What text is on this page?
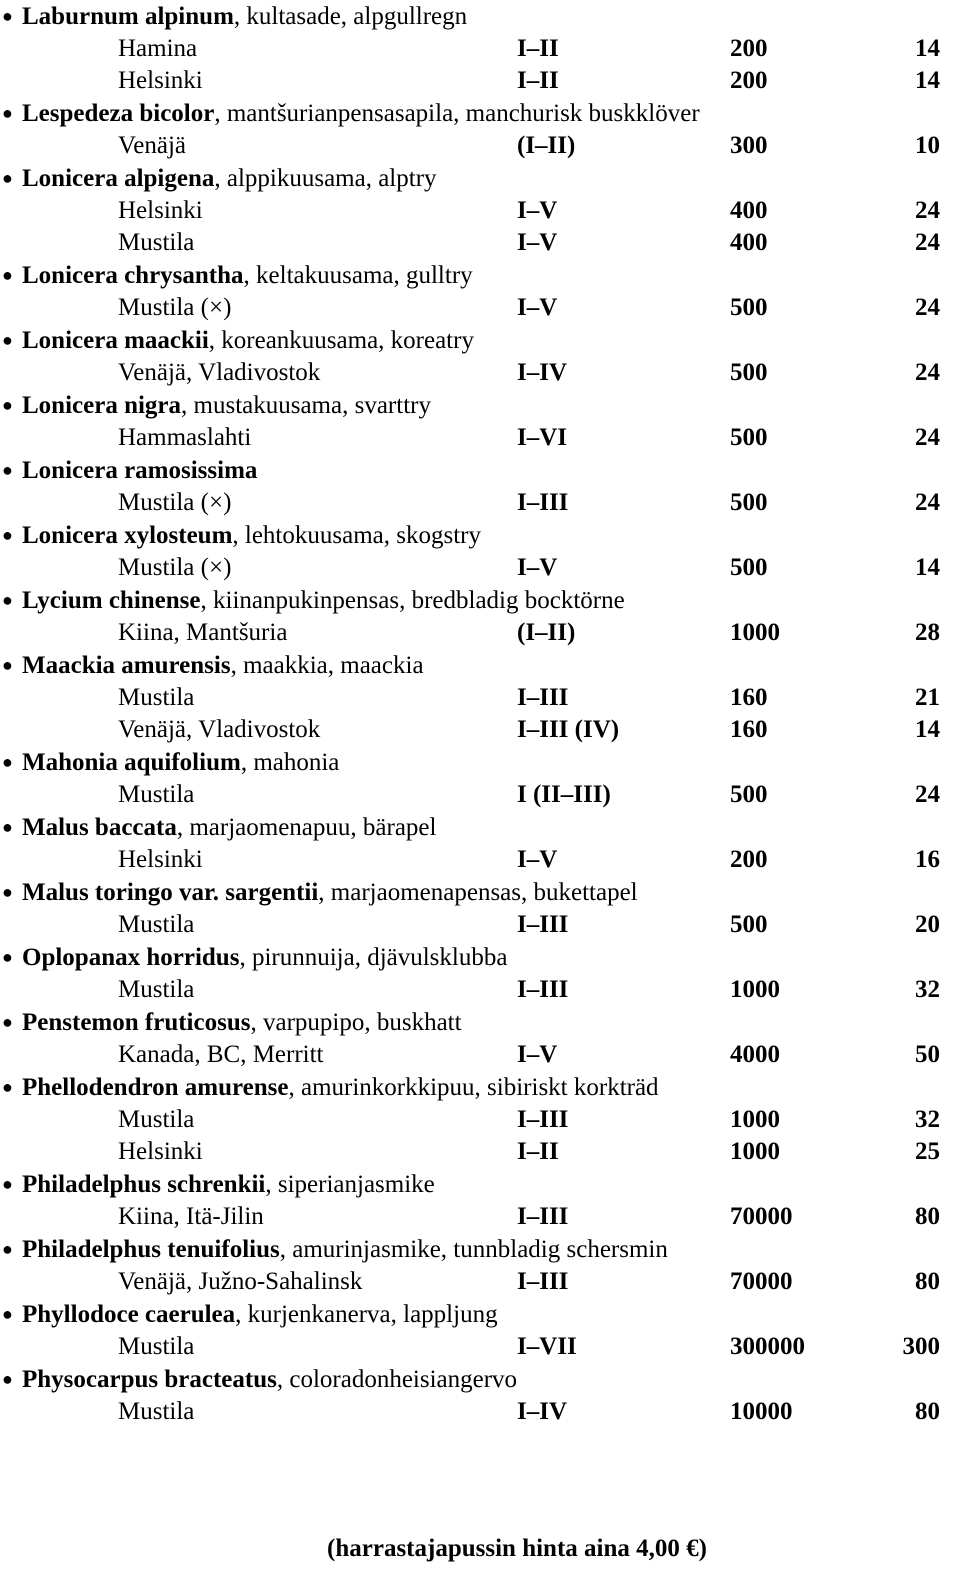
● Laburnum alpinum, kultasade, alpgullregn
Hamina	I–II	200	14
Helsinki	I–II	200	14
● Lespedeza bicolor, mantšurianpensasapila, manchurisk buskklöver
Venäjä	(I–II)	300	10
● Lonicera alpigena, alppikuusama, alptry
Helsinki	I–V	400	24
Mustila	I–V	400	24
● Lonicera chrysantha, keltakuusama, gulltry
Mustila (×)	I–V	500	24
● Lonicera maackii, koreankuusama, koreatry
Venäjä, Vladivostok	I–IV	500	24
● Lonicera nigra, mustakuusama, svarttry
Hammaslahti	I–VI	500	24
● Lonicera ramosissima
Mustila (×)	I–III	500	24
● Lonicera xylosteum, lehtokuusama, skogstry
Mustila (×)	I–V	500	14
● Lycium chinense, kiinanpukinpensas, bredbladig bocktörne
Kiina, Mantšuria	(I–II)	1000	28
● Maackia amurensis, maakkia, maackia
Mustila	I–III	160	21
Venäjä, Vladivostok	I–III (IV)	160	14
● Mahonia aquifolium, mahonia
Mustila	I (II–III)	500	24
● Malus baccata, marjaomenapuu, bärapel
Helsinki	I–V	200	16
● Malus toringo var. sargentii, marjaomenapensas, bukettapel
Mustila	I–III	500	20
● Oplopanax horridus, pirunnuija, djävulsklubba
Mustila	I–III	1000	32
● Penstemon fruticosus, varpupipo, buskhatt
Kanada, BC, Merritt	I–V	4000	50
● Phellodendron amurense, amurinkorkkipuu, sibiriskt korkträd
Mustila	I–III	1000	32
Helsinki	I–II	1000	25
● Philadelphus schrenkii, siperianjasmike
Kiina, Itä-Jilin	I–III	70000	80
● Philadelphus tenuifolius, amurinjasmike, tunnbladig schersmin
Venäjä, Južno-Sahalinsk	I–III	70000	80
● Phyllodoce caerulea, kurjenkanerva, lappljung
Mustila	I–VII	300000	300
● Physocarpus bracteatus, coloradonheisiangervo
Mustila	I–IV	10000	80
(harrastajapussin hinta aina 4,00 €)
